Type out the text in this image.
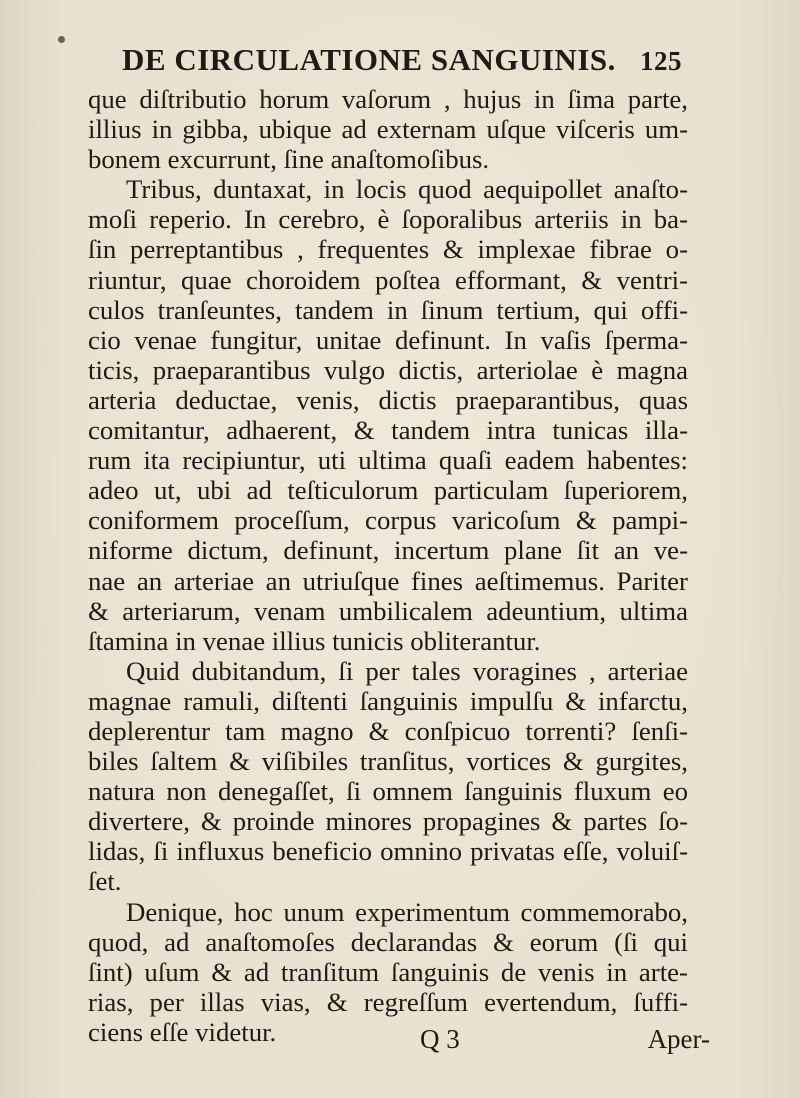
DE CIRCULATIONE SANGUINIS. 125
que diſtributio horum vaſorum , hujus in ſima parte,
illius in gibba, ubique ad externam uſque viſceris um-
bonem excurrunt, ſine anaſtomoſibus.
Tribus, duntaxat, in locis quod aequipollet anaſto-
moſi reperio. In cerebro, è ſoporalibus arteriis in ba-
ſin perreptantibus , frequentes & implexae fibrae o-
riuntur, quae choroidem poſtea efformant, & ventri-
culos tranſeuntes, tandem in ſinum tertium, qui offi-
cio venae fungitur, unitae definunt. In vaſis ſperma-
ticis, praeparantibus vulgo dictis, arteriolae è magna
arteria deductae, venis, dictis praeparantibus, quas
comitantur, adhaerent, & tandem intra tunicas illa-
rum ita recipiuntur, uti ultima quaſi eadem habentes:
adeo ut, ubi ad teſticulorum particulam ſuperiorem,
coniformem proceſſum, corpus varicoſum & pampi-
niforme dictum, definunt, incertum plane ſit an ve-
nae an arteriae an utriuſque fines aeſtimemus. Pariter
& arteriarum, venam umbilicalem adeuntium, ultima
ſtamina in venae illius tunicis obliterantur.
Quid dubitandum, ſi per tales voragines , arteriae
magnae ramuli, diſtenti ſanguinis impulſu & infarctu,
deplerentur tam magno & conſpicuo torrenti? ſenſi-
biles ſaltem & viſibiles tranſitus, vortices & gurgites,
natura non denegaſſet, ſi omnem ſanguinis fluxum eo
divertere, & proinde minores propagines & partes ſo-
lidas, ſi influxus beneficio omnino privatas eſſe, voluiſ-
ſet.
Denique, hoc unum experimentum commemorabo,
quod, ad anaſtomoſes declarandas & eorum (ſi qui
ſint) uſum & ad tranſitum ſanguinis de venis in arte-
rias, per illas vias, & regreſſum evertendum, ſuffi-
ciens eſſe videtur.	Q 3	Aper-
